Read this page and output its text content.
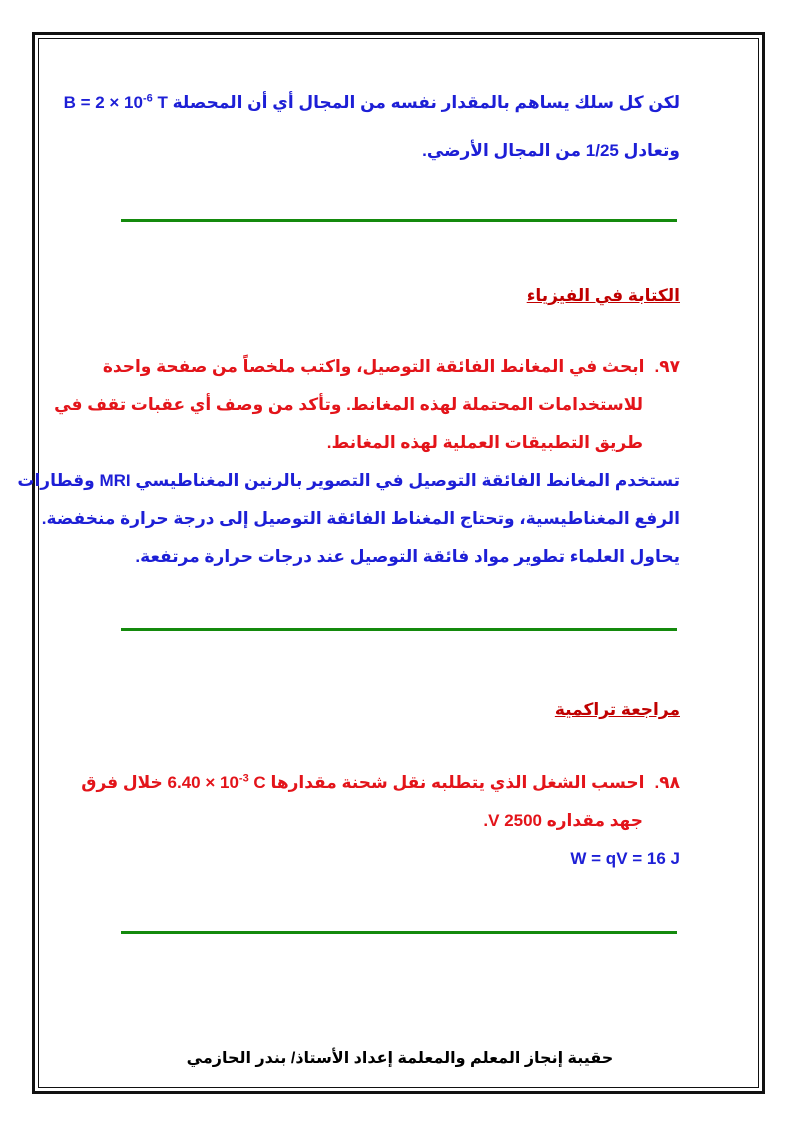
لكن كل سلك يساهم بالمقدار نفسه من المجال أي أن المحصلة $B = 2 \times 10^{-6}$ T
وتعادل 1/25 من المجال الأرضي.
الكتابة في الفيزياء
٩٧.ابحث في المغانط الفائقة التوصيل، واكتب ملخصاً من صفحة واحدة
للاستخدامات المحتملة لهذه المغانط. وتأكد من وصف أي عقبات تقف في
طريق التطبيقات العملية لهذه المغانط.
تستخدم المغانط الفائقة التوصيل في التصوير بالرنين المغناطيسي MRI وقطارات
الرفع المغناطيسية، وتحتاج المغناط الفائقة التوصيل إلى درجة حرارة منخفضة.
يحاول العلماء تطوير مواد فائقة التوصيل عند درجات حرارة مرتفعة.
مراجعة تراكمية
٩٨.احسب الشغل الذي يتطلبه نقل شحنة مقدارها $6.40 \times 10^{-3}$ C خلال فرق
جهد مقداره 2500 V.
W = qV = 16 J
حقيبة إنجاز المعلم والمعلمة إعداد الأستاذ/ بندر الحازمي
